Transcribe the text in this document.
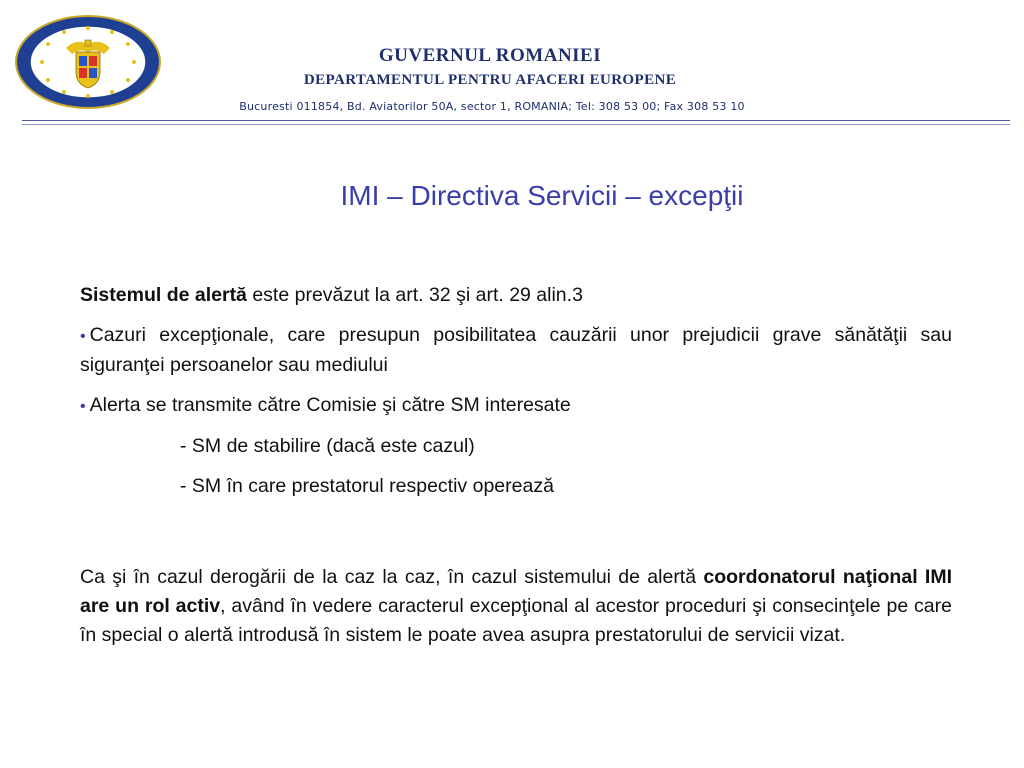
GUVERNUL ROMANIEI
DEPARTAMENTUL PENTRU AFACERI EUROPENE
Bucuresti 011854, Bd. Aviatorilor 50A, sector 1, ROMANIA; Tel: 308 53 00; Fax 308 53 10
IMI – Directiva Servicii – excepţii

Sistemul de alertă este prevăzut la art. 32 şi art. 29 alin.3

• Cazuri excepţionale, care presupun posibilitatea cauzării unor prejudicii grave sănătăţii sau siguranţei persoanelor sau mediului

• Alerta se transmite către Comisie şi către SM interesate

- SM de stabilire (dacă este cazul)

- SM în care prestatorul respectiv operează

Ca şi în cazul derogării de la caz la caz, în cazul sistemului de alertă coordonatorul naţional IMI are un rol activ, având în vedere caracterul excepţional al acestor proceduri şi consecinţele pe care în special o alertă introdusă în sistem le poate avea asupra prestatorului de servicii vizat.
